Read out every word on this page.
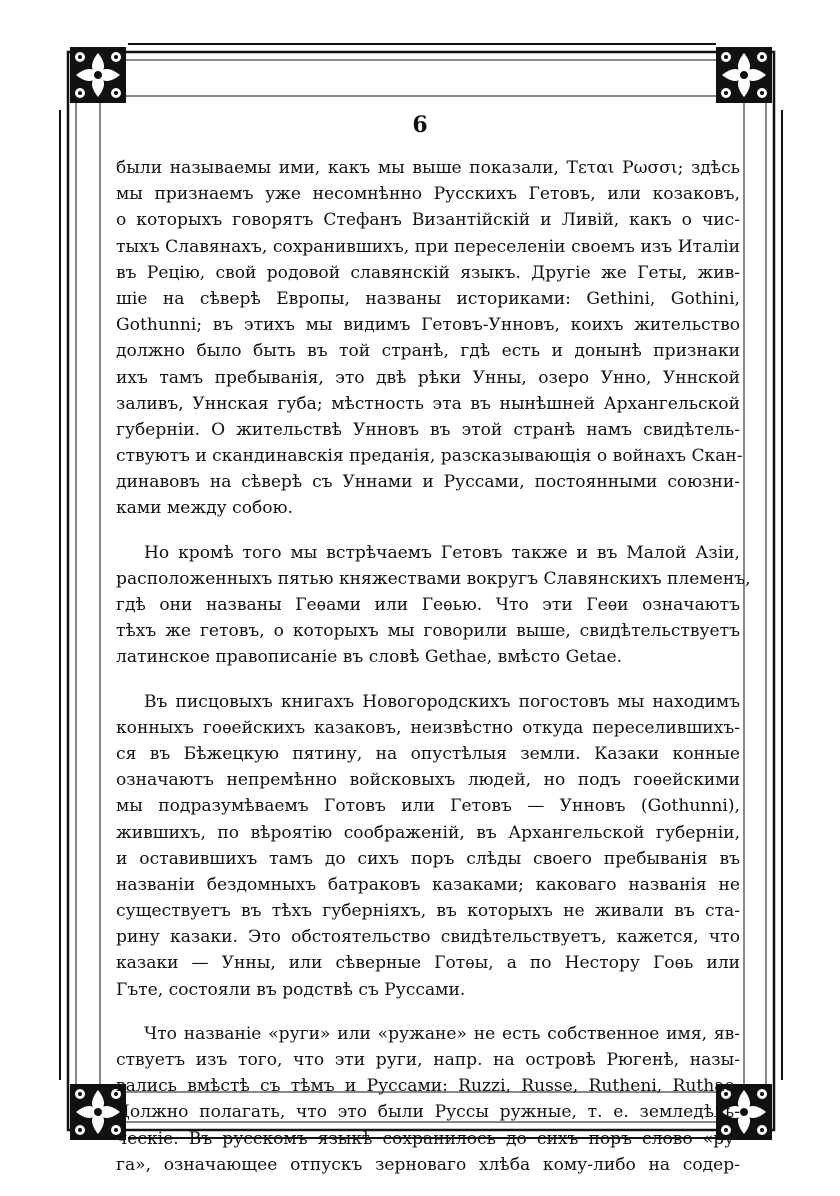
6
были называемы ими, какъ мы выше показали, Τεται Ρωσσι; здѣсь
мы признаемъ уже несомнѣнно Русскихъ Гетовъ, или козаковъ,
о которыхъ говорятъ Стефанъ Византійскій и Ливій, какъ о чис-
тыхъ Славянахъ, сохранившихъ, при переселеніи своемъ изъ Италіи
въ Рецію, свой родовой славянскій языкъ. Другіе же Геты, жив-
шіе на сѣверѣ Европы, названы историками: Gethini, Gothini,
Gothunni; въ этихъ мы видимъ Гетовъ-Унновъ, коихъ жительство
должно было быть въ той странѣ, гдѣ есть и донынѣ признаки
ихъ тамъ пребыванія, это двѣ рѣки Унны, озеро Унно, Уннской
заливъ, Уннская губа; мѣстность эта въ нынѣшней Архангельской
губерніи. О жительствѣ Унновъ въ этой странѣ намъ свидѣтель-
ствуютъ и скандинавскія преданія, разсказывающія о войнахъ Скан-
динавовъ на сѣверѣ съ Уннами и Руссами, постоянными союзни-
ками между собою.
Но кромѣ того мы встрѣчаемъ Гетовъ также и въ Малой Азіи,
расположенныхъ пятью княжествами вокругъ Славянскихъ племенъ,
гдѣ они названы Геѳами или Геѳью. Что эти Геѳи означаютъ
тѣхъ же гетовъ, о которыхъ мы говорили выше, свидѣтельствуетъ
латинское правописаніе въ словѣ Gethae, вмѣсто Getae.
Въ писцовыхъ книгахъ Новогородскихъ погостовъ мы находимъ
конныхъ гоѳейскихъ казаковъ, неизвѣстно откуда переселившихъ-
ся въ Бѣжецкую пятину, на опустѣлыя земли. Казаки конные
означаютъ непремѣнно войсковыхъ людей, но подъ гоѳейскими
мы подразумѣваемъ Готовъ или Гетовъ — Унновъ (Gothunni),
жившихъ, по вѣроятію соображеній, въ Архангельской губерніи,
и оставившихъ тамъ до сихъ поръ слѣды своего пребыванія въ
названіи бездомныхъ батраковъ казаками; каковаго названія не
существуетъ въ тѣхъ губерніяхъ, въ которыхъ не живали въ ста-
рину казаки. Это обстоятельство свидѣтельствуетъ, кажется, что
казаки — Унны, или сѣверные Готѳы, а по Нестору Гоѳь или
Гъте, состояли въ родствѣ съ Руссами.
Что названіе «руги» или «ружане» не есть собственное имя, яв-
ствуетъ изъ того, что эти руги, напр. на островѣ Рюгенѣ, назы-
вались вмѣстѣ съ тѣмъ и Руссами: Ruzzi, Russe, Rutheni, Ruthae.
Должно полагать, что это были Руссы ружные, т. е. земледѣль-
ческіе. Въ русскомъ языкѣ сохранилось до сихъ поръ слово «ру-
га», означающее отпускъ зерноваго хлѣба кому-либо на содер-
